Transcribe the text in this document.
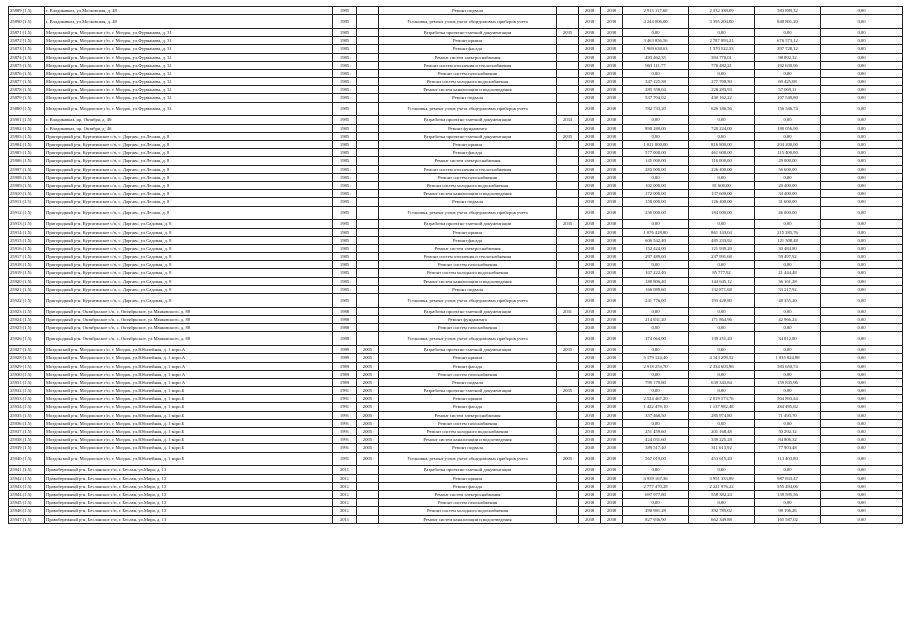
25889 (1.5)	г. Владикавказ, ул.Московская, д. 48	1985		Ремонт подвала		2038	2038	2 915 117,60	2 332 338,09	583 889,32	0,00
25890 (1.5)	г. Владикавказ, ул.Московская, д. 48	1985		Установка, ремонт узлов учета общедомовых приборов учета		2038	2038	4 244 006,00	3 395 204,80	848 801,20	0,00
25871 (1.5)	Моздокский р-н, Моздокское г/п, г. Моздок, ул.Фурманова, д. 31	1985		Разработка проектно-сметной документации	2035	2038	2038	0,00	0,00	0,00	0,00
25872 (1.5)	Моздокский р-н, Моздокское г/п, г. Моздок, ул.Фурманова, д. 31	1985		Ремонт крыши		2038	2038	3 463 856,56	2 787 893,21	676 573,12	0,00
25873 (1.5)	Моздокский р-н, Моздокское г/п, г. Моздок, ул.Фурманова, д. 31	1985		Ремонт фасада		2038	2038	1 969 638,63	1 570 522,53	397 728,12	0,00
25874 (1.5)	Моздокский р-н, Моздокское г/п, г. Моздок, ул.Фурманова, д. 31	1985		Ремонт систем электроснабжения		2038	2038	493 462,35	394 770,01	98 892,32	0,00
25875 (1.5)	Моздокский р-н, Моздокское г/п, г. Моздок, ул.Фурманова, д. 31	1985		Ремонт систем отопления и теплоснабжения		2038	2038	963 111,77	770 482,21	192 630,96	0,00
25876 (1.5)	Моздокский р-н, Моздокское г/п, г. Моздок, ул.Фурманова, д. 31	1985		Ремонт систем газоснабжения		2038	2038	0,00	0,00	0,00	0,00
25877 (1.5)	Моздокский р-н, Моздокское г/п, г. Моздок, ул.Фурманова, д. 31	1985		Ремонт систем холодного водоснабжения		2038	2038	347 125,38	277 700,30	69 425,08	0,00
25878 (1.5)	Моздокский р-н, Моздокское г/п, г. Моздок, ул.Фурманова, д. 31	1985		Ремонт систем канализации и водоотведения		2038	2038	285 358,04	228 283,93	57 069,11	0,00
25879 (1.5)	Моздокский р-н, Моздокское г/п, г. Моздок, ул.Фурманова, д. 31	1985		Ремонт подвала		2038	2038	537 704,02	430 162,22	107 540,80	0,00
25880 (1.5)	Моздокский р-н, Моздокское г/п, г. Моздок, ул.Фурманова, д. 31	1985		Установка, ремонт узлов учета общедомовых приборов учета		2038	2038	782 733,20	626 186,56	156 546,74	0,00
25901 (1.5)	г. Владикавказ, пр. Октября, д. 46	1985		Разработка проектно-сметной документации	2033	2038	2038	0,00	0,00	0,00	0,00
25902 (1.5)	г. Владикавказ, пр. Октября, д. 46	1985		Ремонт фундамента		2038	2038	890 280,00	720 224,00	180 056,00	0,00
25903 (1.5)	Пригородный р-н, Куртатинское с/п, с. Даргавс, ул.Лесная, д. 8	1985		Разработка проектно-сметной документации	2035	2038	2038	0,00	0,00	0,00	0,00
25904 (1.5)	Пригородный р-н, Куртатинское с/п, с. Даргавс, ул.Лесная, д. 8	1985		Ремонт крыши		2038	2038	1 021 000,00	816 800,00	204 200,00	0,00
25905 (1.5)	Пригородный р-н, Куртатинское с/п, с. Даргавс, ул.Лесная, д. 8	1985		Ремонт фасада		2038	2038	577 000,00	461 600,00	115 400,00	0,00
25906 (1.5)	Пригородный р-н, Куртатинское с/п, с. Даргавс, ул.Лесная, д. 8	1985		Ремонт систем электроснабжения		2038	2038	145 000,00	116 000,00	29 000,00	0,00
25907 (1.5)	Пригородный р-н, Куртатинское с/п, с. Даргавс, ул.Лесная, д. 8	1985		Ремонт систем отопления и теплоснабжения		2038	2038	283 000,00	226 400,00	56 600,00	0,00
25908 (1.5)	Пригородный р-н, Куртатинское с/п, с. Даргавс, ул.Лесная, д. 8	1985		Ремонт систем газоснабжения		2038	2038	0,00	0,00	0,00	0,00
25909 (1.5)	Пригородный р-н, Куртатинское с/п, с. Даргавс, ул.Лесная, д. 8	1985		Ремонт систем холодного водоснабжения		2038	2038	102 000,00	81 600,00	20 400,00	0,00
25910 (1.5)	Пригородный р-н, Куртатинское с/п, с. Даргавс, ул.Лесная, д. 8	1985		Ремонт систем канализации и водоотведения		2038	2038	172 000,00	137 600,00	34 400,00	0,00
25911 (1.5)	Пригородный р-н, Куртатинское с/п, с. Даргавс, ул.Лесная, д. 8	1985		Ремонт подвала		2038	2038	158 000,00	126 400,00	31 600,00	0,00
25912 (1.5)	Пригородный р-н, Куртатинское с/п, с. Даргавс, ул.Лесная, д. 8	1985		Установка, ремонт узлов учета общедомовых приборов учета		2038	2038	230 000,00	184 000,00	46 000,00	0,00
25913 (1.5)	Пригородный р-н, Куртатинское с/п, с. Даргавс, ул.Садовая, д. 8	1985		Разработка проектно-сметной документации	2035	2038	2038	0,00	0,00	0,00	0,00
25914 (1.5)	Пригородный р-н, Куртатинское с/п, с. Даргавс, ул.Садовая, д. 8	1985		Ремонт крыши		2038	2038	1 076 428,80	861 143,04	215 285,76	0,00
25915 (1.5)	Пригородный р-н, Куртатинское с/п, с. Даргавс, ул.Садовая, д. 8	1985		Ремонт фасада		2038	2038	606 542,40	485 233,92	121 308,48	0,00
25916 (1.5)	Пригородный р-н, Куртатинское с/п, с. Даргавс, ул.Садовая, д. 8	1985		Ремонт систем электроснабжения		2038	2038	152 424,00	121 939,20	30 484,80	0,00
25917 (1.5)	Пригородный р-н, Куртатинское с/п, с. Даргавс, ул.Садовая, д. 8	1985		Ремонт систем отопления и теплоснабжения		2038	2038	297 489,60	237 991,68	59 497,92	0,00
25918 (1.5)	Пригородный р-н, Куртатинское с/п, с. Даргавс, ул.Садовая, д. 8	1985		Ремонт систем газоснабжения		2038	2038	0,00	0,00	0,00	0,00
25919 (1.5)	Пригородный р-н, Куртатинское с/п, с. Даргавс, ул.Садовая, д. 8	1985		Ремонт систем холодного водоснабжения		2038	2038	107 222,40	85 777,92	21 444,48	0,00
25920 (1.5)	Пригородный р-н, Куртатинское с/п, с. Даргавс, ул.Садовая, д. 8	1985		Ремонт систем канализации и водоотведения		2038	2038	180 806,40	144 645,12	36 161,28	0,00
25921 (1.5)	Пригородный р-н, Куртатинское с/п, с. Даргавс, ул.Садовая, д. 8	1985		Ремонт подвала		2038	2038	166 089,60	132 871,68	33 217,92	0,00
25922 (1.5)	Пригородный р-н, Куртатинское с/п, с. Даргавс, ул.Садовая, д. 8	1985		Установка, ремонт узлов учета общедомовых приборов учета		2038	2038	241 776,00	193 420,80	48 355,20	0,00
25923 (1.5)	Пригородный р-н, Октябрьское с/п, с. Октябрьское, ул.Маяковского, д. 88	1988		Разработка проектно-сметной документации	2031	2038	2038	0,00	0,00	0,00	0,00
25924 (1.5)	Пригородный р-н, Октябрьское с/п, с. Октябрьское, ул.Маяковского, д. 88	1988		Ремонт фундамента		2038	2038	214 831,20	171 864,96	42 966,24	0,00
25925 (1.5)	Пригородный р-н, Октябрьское с/п, с. Октябрьское, ул.Маяковского, д. 88	1988		Ремонт систем газоснабжения		2038	2038	0,00	0,00	0,00	0,00
25926 (1.5)	Пригородный р-н, Октябрьское с/п, с. Октябрьское, ул.Маяковского, д. 88	1988		Установка, ремонт узлов учета общедомовых приборов учета		2038	2038	174 064,00	139 251,20	34 812,80	0,00
25927 (1.5)	Моздокский р-н, Моздокское г/п, г. Моздок, ул.Юбилейная, д. 1 корп.А	1989	2005	Разработка проектно-сметной документации	2035	2038	2038	0,00	0,00	0,00	0,00
25928 (1.5)	Моздокский р-н, Моздокское г/п, г. Моздок, ул.Юбилейная, д. 1 корп.А	1989	2005	Ремонт крыши		2038	2038	5 179 124,40	4 143 299,52	1 035 824,88	0,00
25929 (1.5)	Моздокский р-н, Моздокское г/п, г. Моздок, ул.Юбилейная, д. 1 корп.А	1989	2005	Ремонт фасада		2038	2038	2 918 253,70	2 334 603,96	583 650,74	0,00
25930 (1.5)	Моздокский р-н, Моздокское г/п, г. Моздок, ул.Юбилейная, д. 1 корп.А	1989	2005	Ремонт систем газоснабжения		2038	2038	0,00	0,00	0,00	0,00
25931 (1.5)	Моздокский р-н, Моздокское г/п, г. Моздок, ул.Юбилейная, д. 1 корп.А	1989	2005	Ремонт подвала		2038	2038	799 179,80	639 343,84	159 835,96	0,00
25932 (1.5)	Моздокский р-н, Моздокское г/п, г. Моздок, ул.Юбилейная, д. 1 корп.Б	1991	2005	Разработка проектно-сметной документации	2035	2038	2038	0,00	0,00	0,00	0,00
25933 (1.5)	Моздокский р-н, Моздокское г/п, г. Моздок, ул.Юбилейная, д. 1 корп.Б	1991	2005	Ремонт крыши		2038	2038	2 524 467,20	2 019 573,76	504 893,44	0,00
25934 (1.5)	Моздокский р-н, Моздокское г/п, г. Моздок, ул.Юбилейная, д. 1 корп.Б	1991	2005	Ремонт фасада		2038	2038	1 422 478,10	1 137 982,48	284 495,62	0,00
25935 (1.5)	Моздокский р-н, Моздокское г/п, г. Моздок, ул.Юбилейная, д. 1 корп.Б	1991	2005	Ремонт систем электроснабжения		2038	2038	357 468,50	285 974,80	71 493,70	0,00
25936 (1.5)	Моздокский р-н, Моздокское г/п, г. Моздок, ул.Юбилейная, д. 1 корп.Б	1991	2005	Ремонт систем газоснабжения		2038	2038	0,00	0,00	0,00	0,00
25937 (1.5)	Моздокский р-н, Моздокское г/п, г. Моздок, ул.Юбилейная, д. 1 корп.Б	1991	2005	Ремонт систем холодного водоснабжения		2038	2038	251 459,60	201 168,48	50 292,12	0,00
25938 (1.5)	Моздокский р-н, Моздокское г/п, г. Моздок, ул.Юбилейная, д. 1 корп.Б	1991	2005	Ремонт систем канализации и водоотведения		2038	2038	424 031,60	339 225,28	84 806,32	0,00
25939 (1.5)	Моздокский р-н, Моздокское г/п, г. Моздок, ул.Юбилейная, д. 1 корп.Б	1991	2005	Ремонт подвала		2038	2038	389 517,40	311 613,92	77 903,48	0,00
25940 (1.5)	Моздокский р-н, Моздокское г/п, г. Моздок, ул.Юбилейная, д. 1 корп.Б	1991	2005	Установка, ремонт узлов учета общедомовых приборов учета	2005	2038	2038	567 019,00	453 615,20	113 403,80	0,00
25941 (1.5)	Правобережный р-н, Бесланское г/п, г. Беслан, ул.Мира, д. 13	2011		Разработка проектно-сметной документации		2038	2038	0,00	0,00	0,00	0,00
25942 (1.5)	Правобережный р-н, Бесланское г/п, г. Беслан, ул.Мира, д. 13	2011		Ремонт крыши		2038	2038	4 939 167,36	3 951 333,89	987 833,47	0,00
25943 (1.5)	Правобережный р-н, Бесланское г/п, г. Беслан, ул.Мира, д. 13	2011		Ремонт фасада		2038	2038	2 777 470,28	2 221 976,22	555 494,06	0,00
25944 (1.5)	Правобережный р-н, Бесланское г/п, г. Беслан, ул.Мира, д. 13	2011		Ремонт систем электроснабжения		2038	2038	697 977,80	558 382,24	139 595,56	0,00
25945 (1.5)	Правобережный р-н, Бесланское г/п, г. Беслан, ул.Мира, д. 13	2011		Ремонт систем газоснабжения		2038	2038	0,00	0,00	0,00	0,00
25946 (1.5)	Правобережный р-н, Бесланское г/п, г. Беслан, ул.Мира, д. 13	2011		Ремонт систем холодного водоснабжения		2038	2038	490 981,28	392 785,02	98 196,26	0,00
25947 (1.5)	Правобережный р-н, Бесланское г/п, г. Беслан, ул.Мира, д. 13	2011		Ремонт систем канализации и водоотведения		2038	2038	827 936,90	662 349,88	165 587,02	0,00
